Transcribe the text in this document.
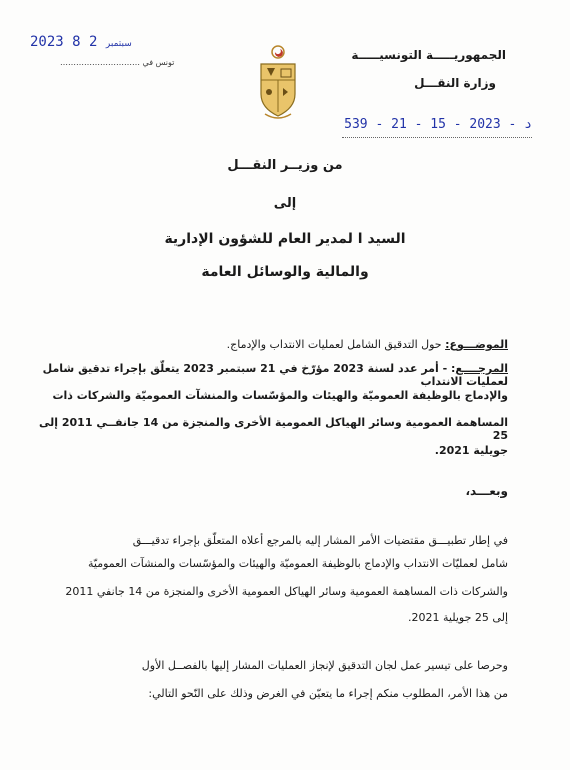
2023	سبتمبر 2 8
………………………… تونس في
الجمهوريـــــة التونسيـــــة
وزارة النقـــل
539 - 21 - 15 - 2023 - د
من وزيــر النقـــل
إلى
السيد ا لمدير العام للشؤون الإدارية
والمالية والوسائل العامة
الموضـــوع: حول التدقيق الشامل لعمليات الانتداب والإدماج.
المرجــــع: - أمر عدد لسنة 2023 مؤرّخ في 21 سبتمبر 2023 يتعلّق بإجراء تدقيق شامل لعمليات الانتداب
والإدماج بالوظيفة العموميّة والهيئات والمؤسّسات والمنشآت العموميّة والشركات ذات
المساهمة العمومية وسائر الهياكل العمومية الأخرى والمنجزة من 14 جانفــي 2011 إلى 25
جويلية 2021.
وبعـــد،
في إطار تطبيـــق مقتضيات الأمر المشار إليه بالمرجع أعلاه المتعلّق بإجراء تدقيـــق
شامل لعمليّات الانتداب والإدماج بالوظيفة العموميّة والهيئات والمؤسّسات والمنشآت العموميّة
والشركات ذات المساهمة العمومية وسائر الهياكل العمومية الأخرى والمنجزة من 14 جانفي 2011
إلى 25 جويلية 2021.
وحرصا على تيسير عمل لجان التدقيق لإنجاز العمليات المشار إليها بالفصــل الأول
من هذا الأمر، المطلوب منكم إجراء ما يتعيّن في الغرض وذلك على النّحو التالي:
